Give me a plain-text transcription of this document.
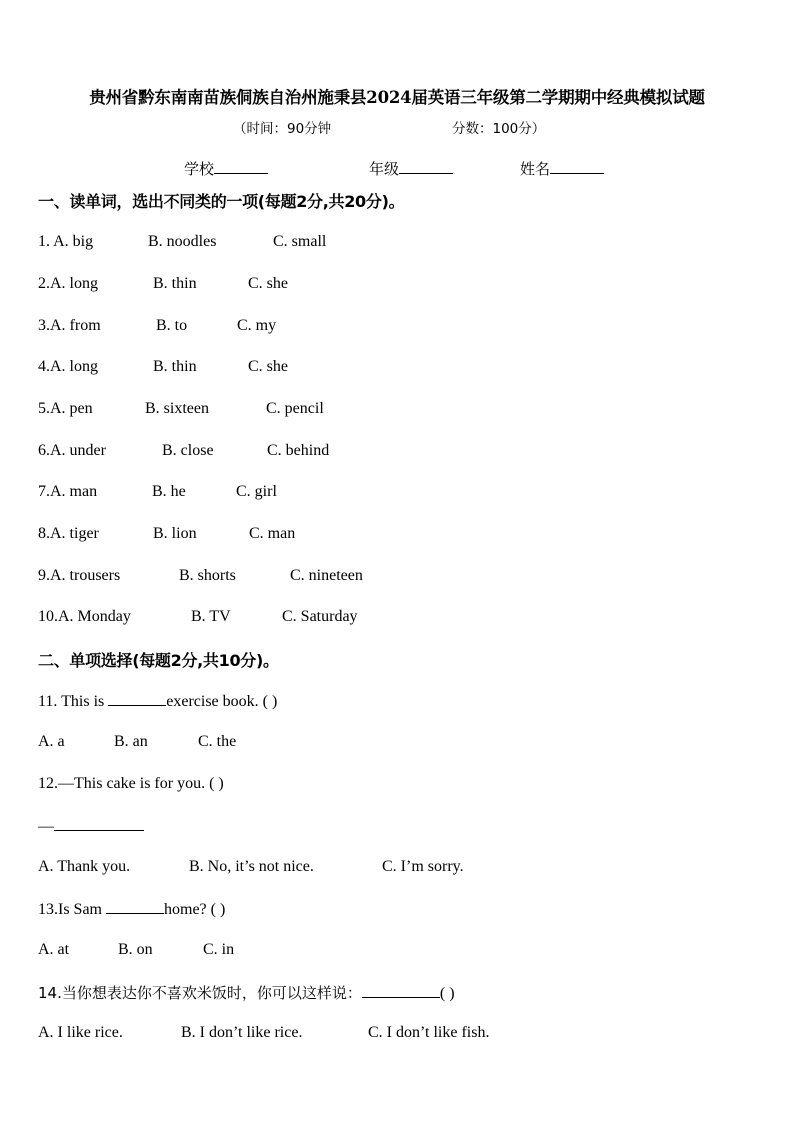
贵州省黔东南南苗族侗族自治州施秉县2024届英语三年级第二学期期中经典模拟试题
（时间：90分钟	分数：100分）
学校	年级	姓名
一、读单词，选出不同类的一项(每题2分,共20分)。
1. A. big	B. noodles	C. small
2.A. long	B. thin	C. she
3.A. from	B. to	C. my
4.A. long	B. thin	C. she
5.A. pen	B. sixteen	C. pencil
6.A. under	B. close	C. behind
7.A. man	B. he	C. girl
8.A. tiger	B. lion	C. man
9.A. trousers	B. shorts	C. nineteen
10.A. Monday	B. TV	C. Saturday
二、单项选择(每题2分,共10分)。
11. This is	exercise book. ( )
A. a	B. an	C. the
12.—This cake is for you. ( )
—
A. Thank you.	B. No, it’s not nice.	C. I’m sorry.
13.Is Sam	home? ( )
A. at	B. on	C. in
14.当你想表达你不喜欢米饭时，你可以这样说：	( )
A. I like rice.	B. I don’t like rice.	C. I don’t like fish.
